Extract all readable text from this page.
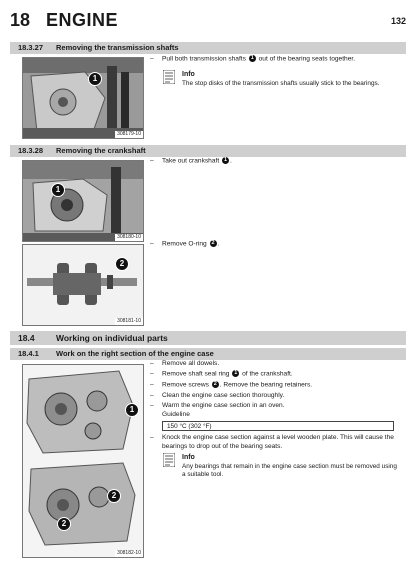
18 ENGINE	132
18.3.27 Removing the transmission shafts
1
308179-10
– Pull both transmission shafts 1 out of the bearing seats together.
Info
The stop disks of the transmission shafts usually stick to the bearings.
18.3.28 Removing the crankshaft
1
308180-10
– Take out crankshaft 1 .
2
308181-10
– Remove O-ring 2 .
18.4	Working on individual parts
18.4.1 Work on the right section of the engine case
1
2
2
308182-10
– Remove all dowels.
– Remove shaft seal ring 1 of the crankshaft.
– Remove screws 2 . Remove the bearing retainers.
– Clean the engine case section thoroughly.
– Warm the engine case section in an oven.
Guideline
150 °C (302 °F)
– Knock the engine case section against a level wooden plate. This will cause the bearings to drop out of the bearing seats.
Info
Any bearings that remain in the engine case section must be removed using a suitable tool.
